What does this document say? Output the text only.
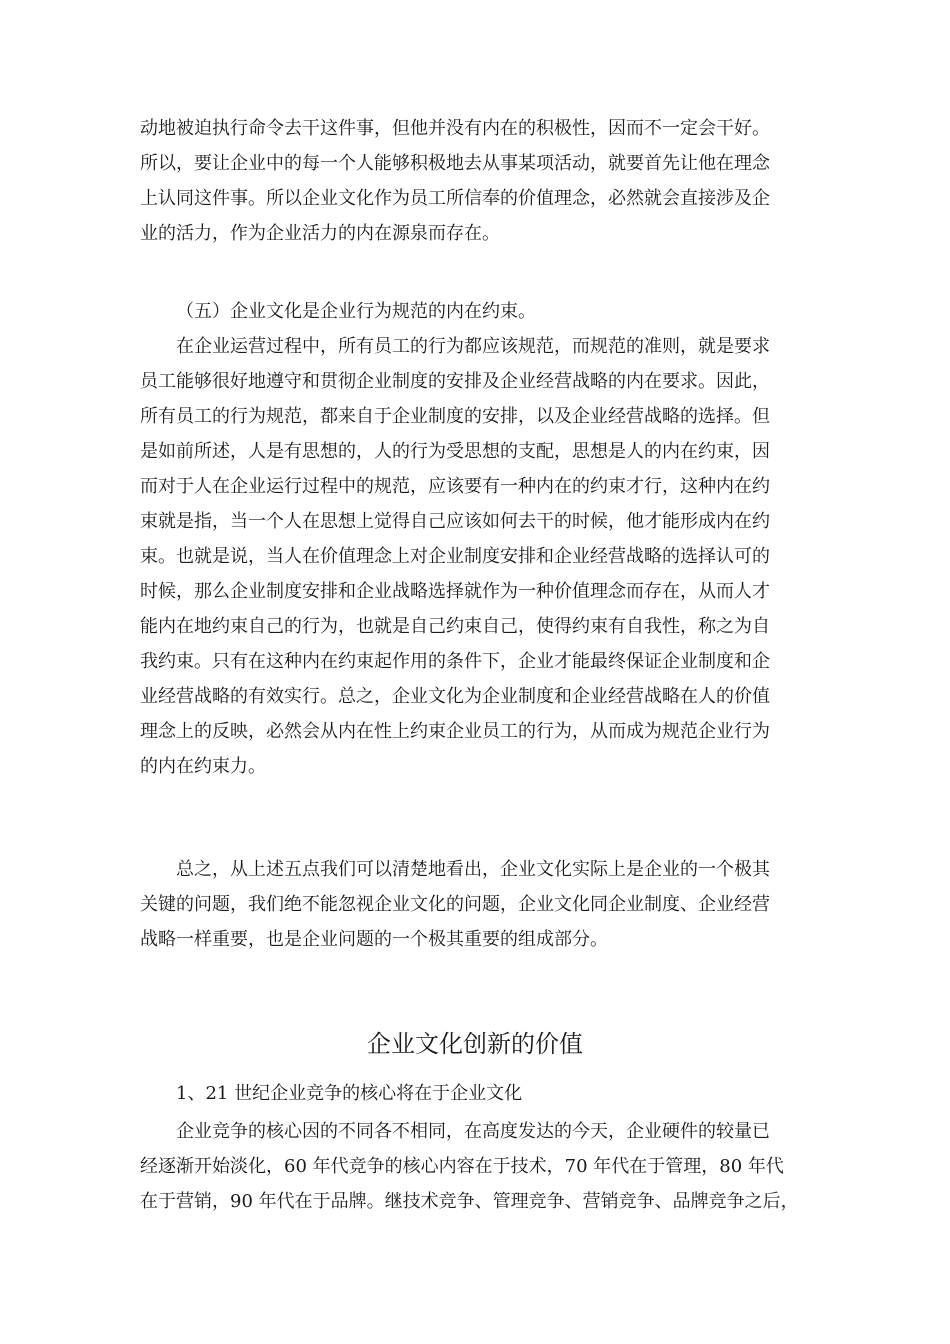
动地被迫执行命令去干这件事，但他并没有内在的积极性，因而不一定会干好。
所以，要让企业中的每一个人能够积极地去从事某项活动，就要首先让他在理念
上认同这件事。所以企业文化作为员工所信奉的价值理念，必然就会直接涉及企
业的活力，作为企业活力的内在源泉而存在。
（五）企业文化是企业行为规范的内在约束。
在企业运营过程中，所有员工的行为都应该规范，而规范的准则，就是要求
员工能够很好地遵守和贯彻企业制度的安排及企业经营战略的内在要求。因此，
所有员工的行为规范，都来自于企业制度的安排，以及企业经营战略的选择。但
是如前所述，人是有思想的，人的行为受思想的支配，思想是人的内在约束，因
而对于人在企业运行过程中的规范，应该要有一种内在的约束才行，这种内在约
束就是指，当一个人在思想上觉得自己应该如何去干的时候，他才能形成内在约
束。也就是说，当人在价值理念上对企业制度安排和企业经营战略的选择认可的
时候，那么企业制度安排和企业战略选择就作为一种价值理念而存在，从而人才
能内在地约束自己的行为，也就是自己约束自己，使得约束有自我性，称之为自
我约束。只有在这种内在约束起作用的条件下，企业才能最终保证企业制度和企
业经营战略的有效实行。总之，企业文化为企业制度和企业经营战略在人的价值
理念上的反映，必然会从内在性上约束企业员工的行为，从而成为规范企业行为
的内在约束力。
总之，从上述五点我们可以清楚地看出，企业文化实际上是企业的一个极其
关键的问题，我们绝不能忽视企业文化的问题，企业文化同企业制度、企业经营
战略一样重要，也是企业问题的一个极其重要的组成部分。
企业文化创新的价值
1、21 世纪企业竞争的核心将在于企业文化
企业竞争的核心因的不同各不相同，在高度发达的今天，企业硬件的较量已
经逐渐开始淡化，60 年代竞争的核心内容在于技术，70 年代在于管理，80 年代
在于营销，90 年代在于品牌。继技术竞争、管理竞争、营销竞争、品牌竞争之后，
